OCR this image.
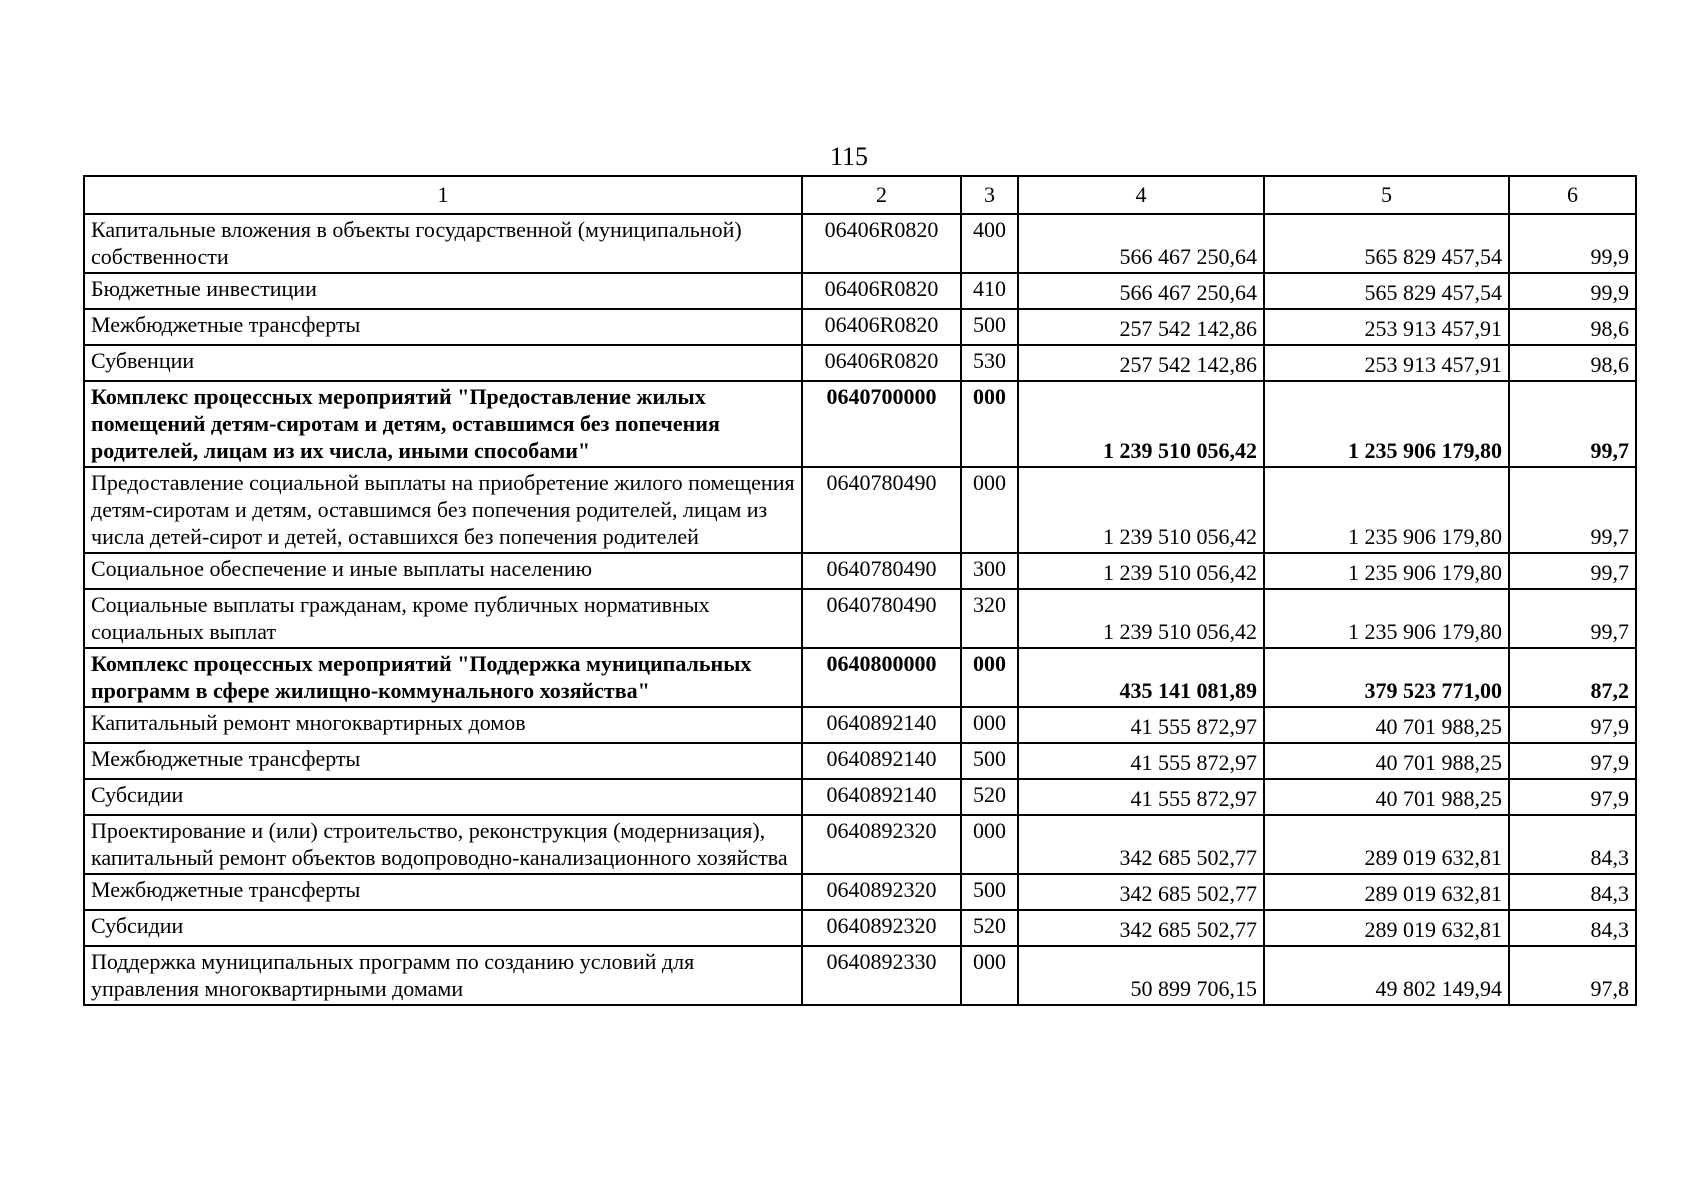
115
1	2	3	4	5	6
Капитальные вложения в объекты государственной (муниципальной) собственности	06406R0820	400	566 467 250,64	565 829 457,54	99,9
Бюджетные инвестиции	06406R0820	410	566 467 250,64	565 829 457,54	99,9
Межбюджетные трансферты	06406R0820	500	257 542 142,86	253 913 457,91	98,6
Субвенции	06406R0820	530	257 542 142,86	253 913 457,91	98,6
Комплекс процессных мероприятий "Предоставление жилых помещений детям-сиротам и детям, оставшимся без попечения родителей, лицам из их числа, иными способами"	0640700000	000	1 239 510 056,42	1 235 906 179,80	99,7
Предоставление социальной выплаты на приобретение жилого помещения детям-сиротам и детям, оставшимся без попечения родителей, лицам из числа детей-сирот и детей, оставшихся без попечения родителей	0640780490	000	1 239 510 056,42	1 235 906 179,80	99,7
Социальное обеспечение и иные выплаты населению	0640780490	300	1 239 510 056,42	1 235 906 179,80	99,7
Социальные выплаты гражданам, кроме публичных нормативных социальных выплат	0640780490	320	1 239 510 056,42	1 235 906 179,80	99,7
Комплекс процессных мероприятий "Поддержка муниципальных программ в сфере жилищно-коммунального хозяйства"	0640800000	000	435 141 081,89	379 523 771,00	87,2
Капитальный ремонт многоквартирных домов	0640892140	000	41 555 872,97	40 701 988,25	97,9
Межбюджетные трансферты	0640892140	500	41 555 872,97	40 701 988,25	97,9
Субсидии	0640892140	520	41 555 872,97	40 701 988,25	97,9
Проектирование и (или) строительство, реконструкция (модернизация), капитальный ремонт объектов водопроводно-канализационного хозяйства	0640892320	000	342 685 502,77	289 019 632,81	84,3
Межбюджетные трансферты	0640892320	500	342 685 502,77	289 019 632,81	84,3
Субсидии	0640892320	520	342 685 502,77	289 019 632,81	84,3
Поддержка муниципальных программ по созданию условий для управления многоквартирными домами	0640892330	000	50 899 706,15	49 802 149,94	97,8
